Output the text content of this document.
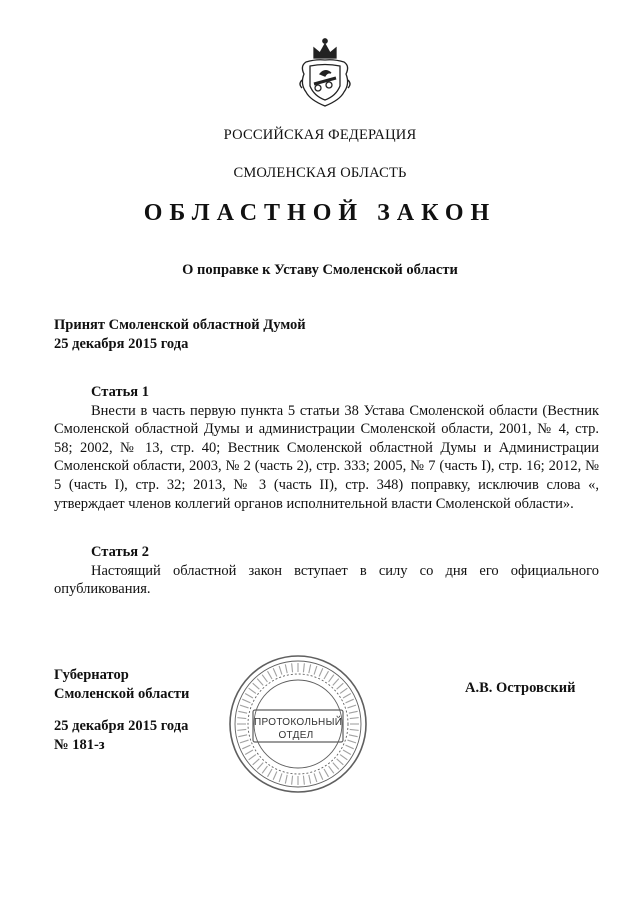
РОССИЙСКАЯ ФЕДЕРАЦИЯ
СМОЛЕНСКАЯ ОБЛАСТЬ
ОБЛАСТНОЙ ЗАКОН
О поправке к Уставу Смоленской области
Принят Смоленской областной Думой
25 декабря 2015 года
Статья 1
Внести в часть первую пункта 5 статьи 38 Устава Смоленской области (Вестник Смоленской областной Думы и администрации Смоленской области, 2001, № 4, стр. 58; 2002, № 13, стр. 40; Вестник Смоленской областной Думы и Администрации Смоленской области, 2003, № 2 (часть 2), стр. 333; 2005, № 7 (часть I), стр. 16; 2012, № 5 (часть I), стр. 32; 2013, № 3 (часть II), стр. 348) поправку, исключив слова «, утверждает членов коллегий органов исполнительной власти Смоленской области».
Статья 2
Настоящий областной закон вступает в силу со дня его официального опубликования.
Губернатор
Смоленской области
25 декабря 2015 года
№ 181-з
А.В. Островский
ПРОТОКОЛЬНЫЙ
ОТДЕЛ
